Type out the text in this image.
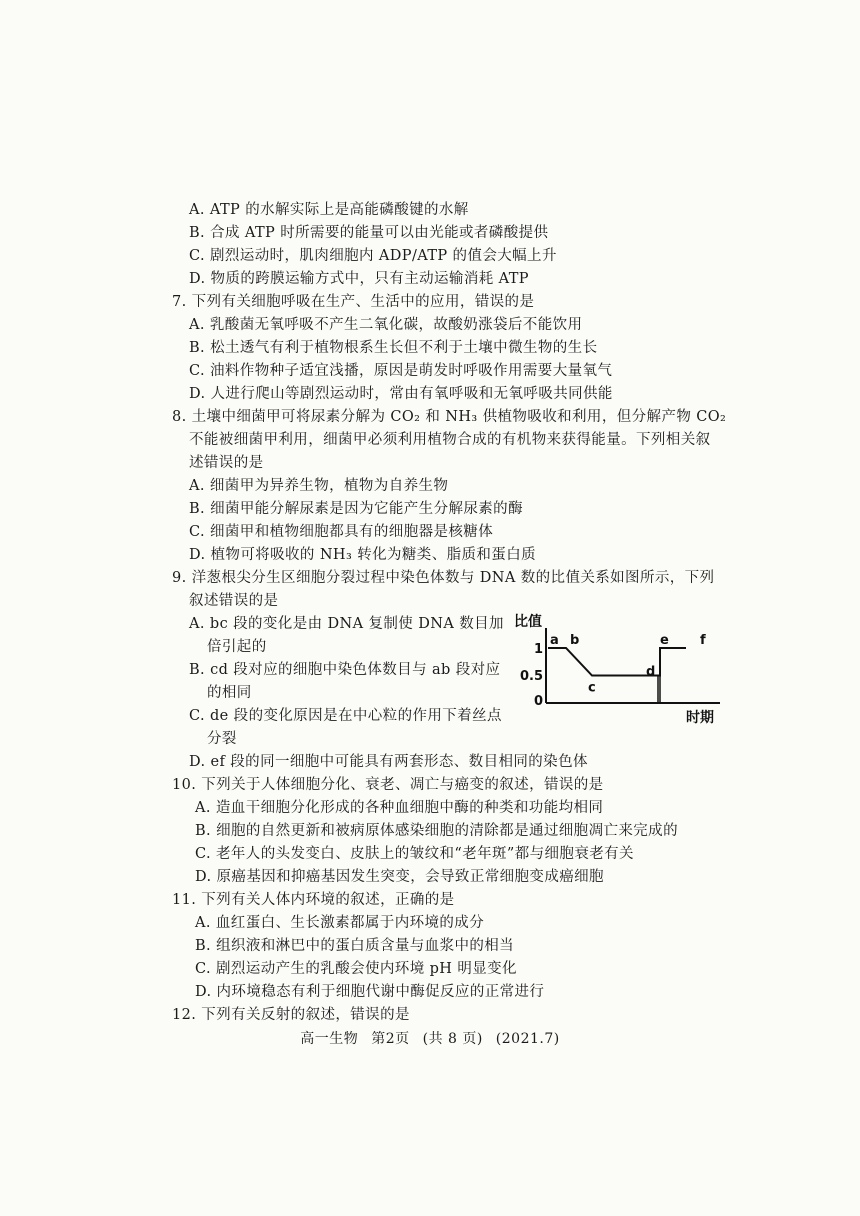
A. ATP 的水解实际上是高能磷酸键的水解
B. 合成 ATP 时所需要的能量可以由光能或者磷酸提供
C. 剧烈运动时，肌肉细胞内 ADP/ATP 的值会大幅上升
D. 物质的跨膜运输方式中，只有主动运输消耗 ATP
7. 下列有关细胞呼吸在生产、生活中的应用，错误的是
A. 乳酸菌无氧呼吸不产生二氧化碳，故酸奶涨袋后不能饮用
B. 松土透气有利于植物根系生长但不利于土壤中微生物的生长
C. 油料作物种子适宜浅播，原因是萌发时呼吸作用需要大量氧气
D. 人进行爬山等剧烈运动时，常由有氧呼吸和无氧呼吸共同供能
8. 土壤中细菌甲可将尿素分解为 CO₂ 和 NH₃ 供植物吸收和利用，但分解产物 CO₂
不能被细菌甲利用，细菌甲必须利用植物合成的有机物来获得能量。下列相关叙
述错误的是
A. 细菌甲为异养生物，植物为自养生物
B. 细菌甲能分解尿素是因为它能产生分解尿素的酶
C. 细菌甲和植物细胞都具有的细胞器是核糖体
D. 植物可将吸收的 NH₃ 转化为糖类、脂质和蛋白质
9. 洋葱根尖分生区细胞分裂过程中染色体数与 DNA 数的比值关系如图所示，下列
叙述错误的是
A. bc 段的变化是由 DNA 复制使 DNA 数目加
倍引起的
B. cd 段对应的细胞中染色体数目与 ab 段对应
的相同
C. de 段的变化原因是在中心粒的作用下着丝点
分裂
D. ef 段的同一细胞中可能具有两套形态、数目相同的染色体
比值
时期
1
0.5
0
a b
c
d
e f
10. 下列关于人体细胞分化、衰老、凋亡与癌变的叙述，错误的是
A. 造血干细胞分化形成的各种血细胞中酶的种类和功能均相同
B. 细胞的自然更新和被病原体感染细胞的清除都是通过细胞凋亡来完成的
C. 老年人的头发变白、皮肤上的皱纹和“老年斑”都与细胞衰老有关
D. 原癌基因和抑癌基因发生突变，会导致正常细胞变成癌细胞
11. 下列有关人体内环境的叙述，正确的是
A. 血红蛋白、生长激素都属于内环境的成分
B. 组织液和淋巴中的蛋白质含量与血浆中的相当
C. 剧烈运动产生的乳酸会使内环境 pH 明显变化
D. 内环境稳态有利于细胞代谢中酶促反应的正常进行
12. 下列有关反射的叙述，错误的是
高一生物 第2页 (共 8 页) (2021.7)
